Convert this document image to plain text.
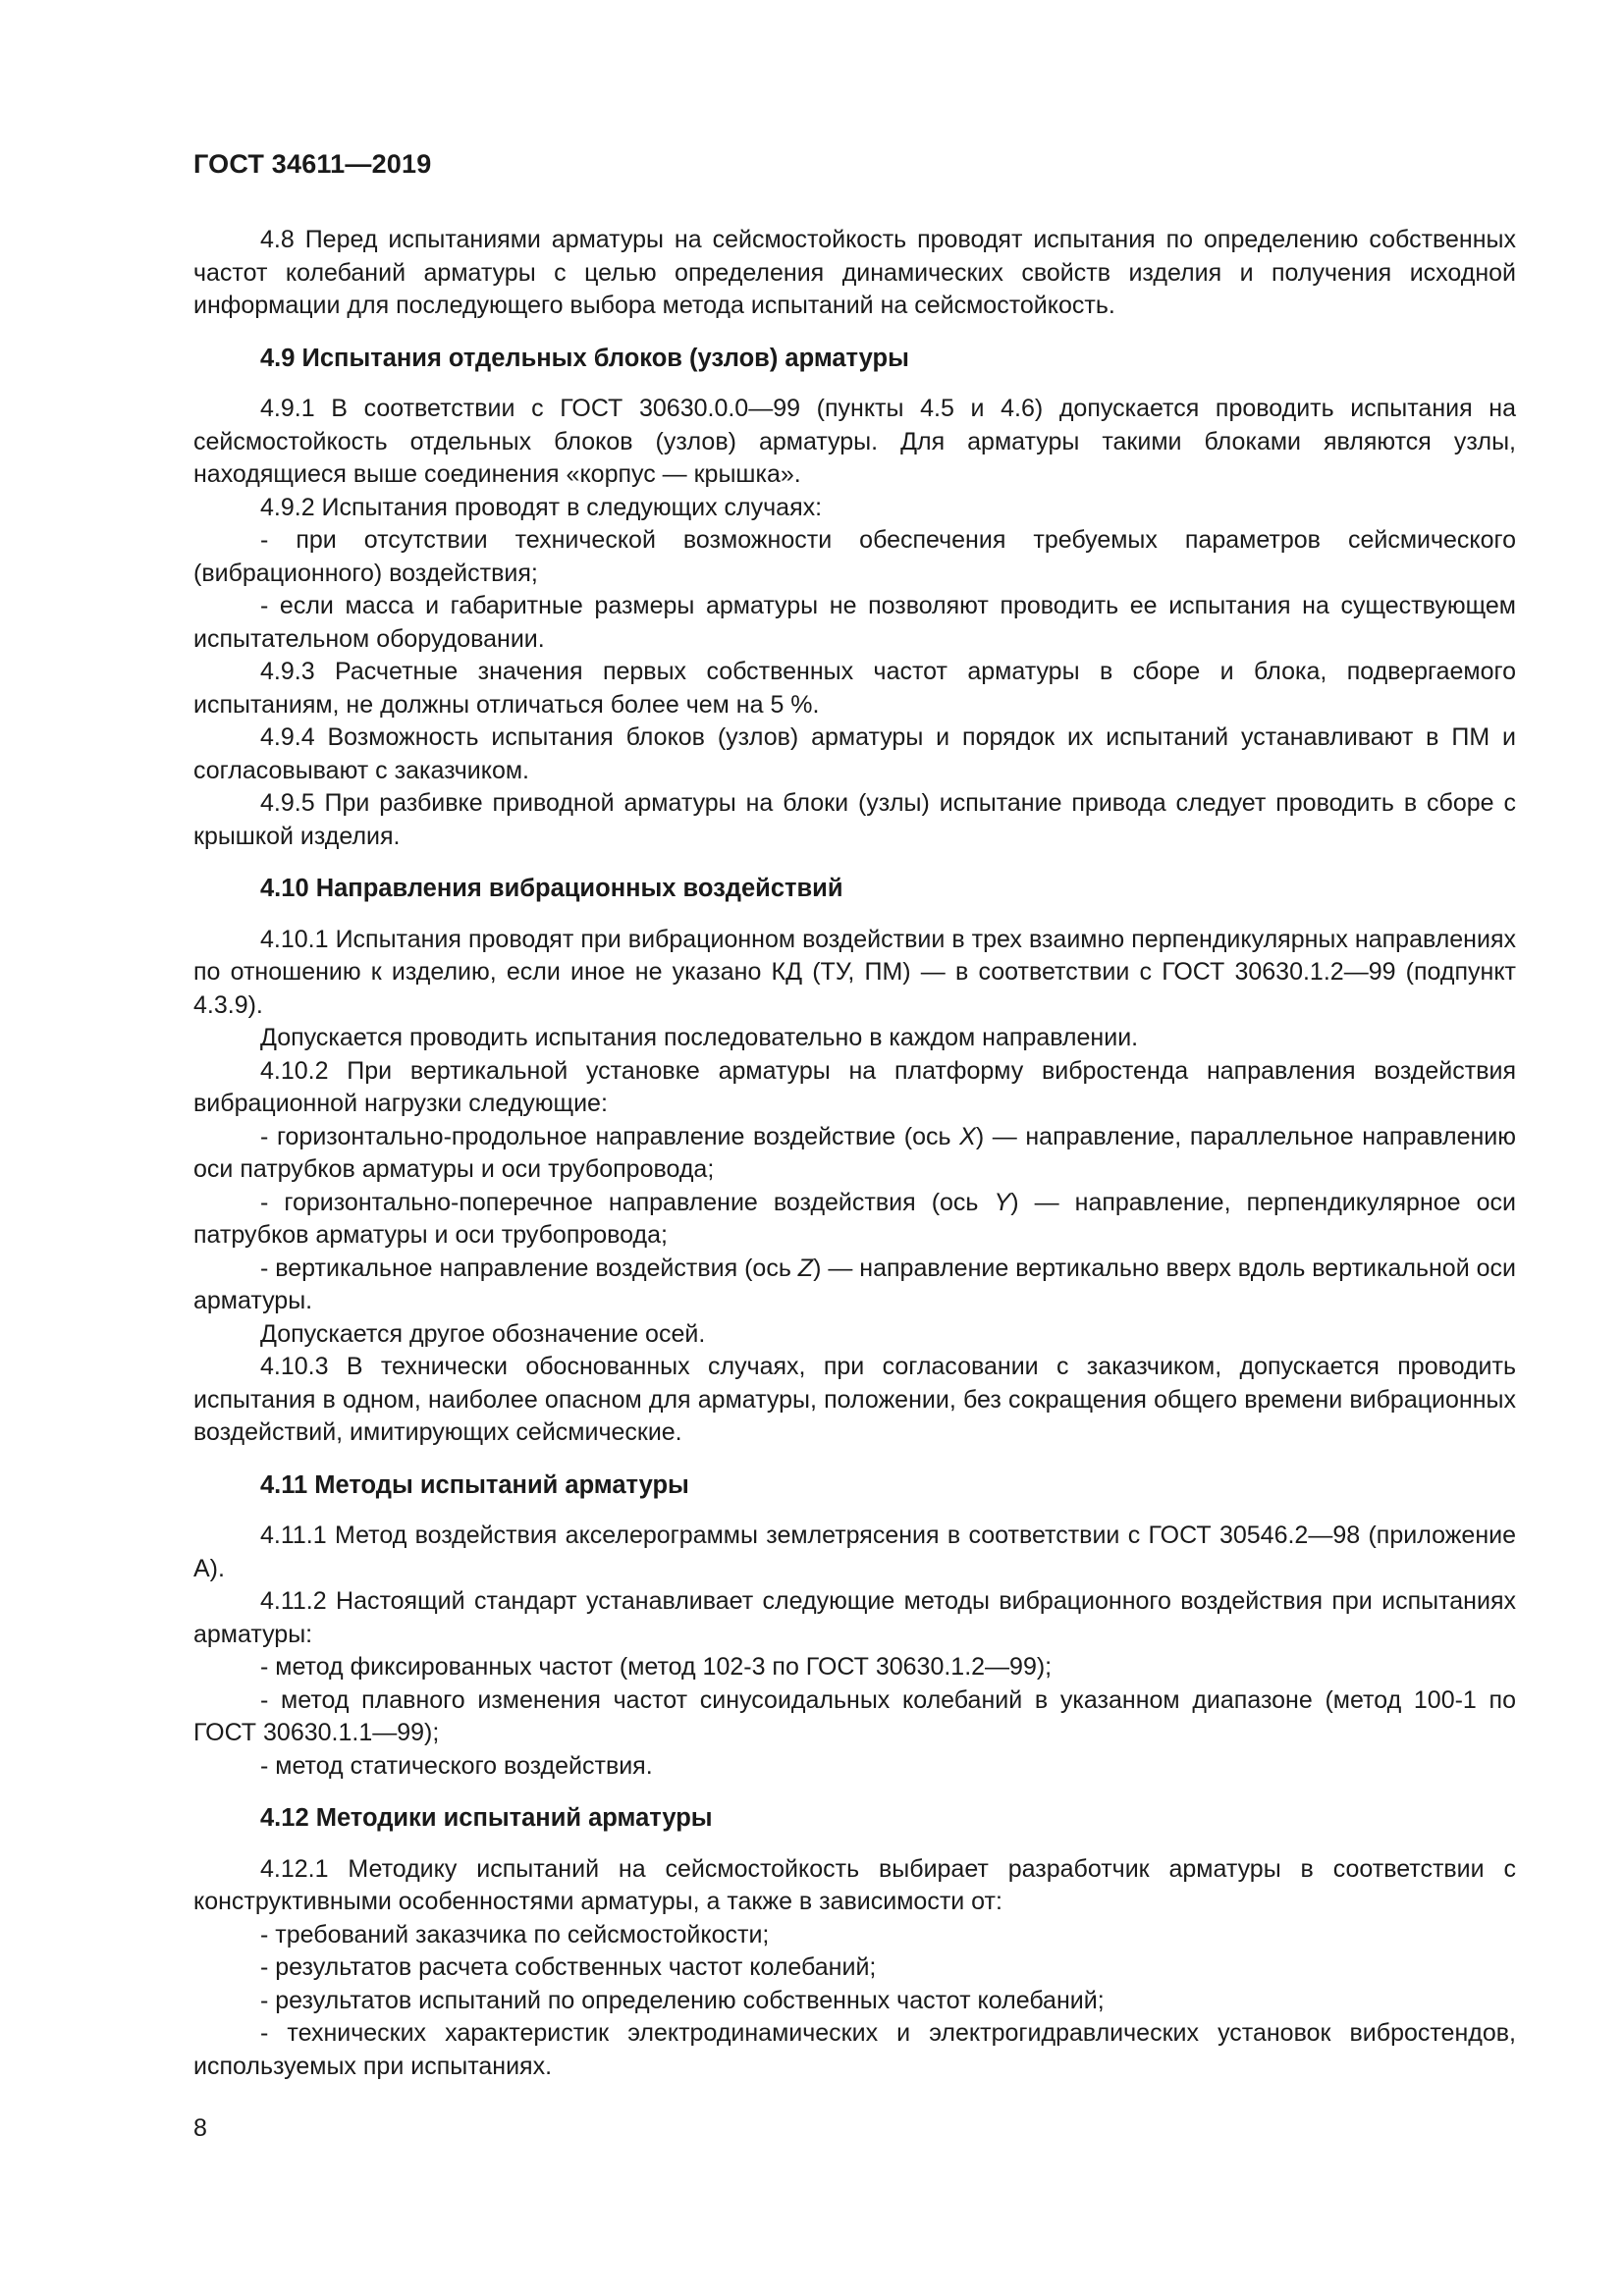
ГОСТ 34611—2019

4.8 Перед испытаниями арматуры на сейсмостойкость проводят испытания по определению собственных частот колебаний арматуры с целью определения динамических свойств изделия и получения исходной информации для последующего выбора метода испытаний на сейсмостойкость.

4.9 Испытания отдельных блоков (узлов) арматуры

4.9.1 В соответствии с ГОСТ 30630.0.0—99 (пункты 4.5 и 4.6) допускается проводить испытания на сейсмостойкость отдельных блоков (узлов) арматуры. Для арматуры такими блоками являются узлы, находящиеся выше соединения «корпус — крышка».

4.9.2 Испытания проводят в следующих случаях:

- при отсутствии технической возможности обеспечения требуемых параметров сейсмического (вибрационного) воздействия;

- если масса и габаритные размеры арматуры не позволяют проводить ее испытания на существующем испытательном оборудовании.

4.9.3 Расчетные значения первых собственных частот арматуры в сборе и блока, подвергаемого испытаниям, не должны отличаться более чем на 5 %.

4.9.4 Возможность испытания блоков (узлов) арматуры и порядок их испытаний устанавливают в ПМ и согласовывают с заказчиком.

4.9.5 При разбивке приводной арматуры на блоки (узлы) испытание привода следует проводить в сборе с крышкой изделия.

4.10 Направления вибрационных воздействий

4.10.1 Испытания проводят при вибрационном воздействии в трех взаимно перпендикулярных направлениях по отношению к изделию, если иное не указано КД (ТУ, ПМ) — в соответствии с ГОСТ 30630.1.2—99 (подпункт 4.3.9).

Допускается проводить испытания последовательно в каждом направлении.

4.10.2 При вертикальной установке арматуры на платформу вибростенда направления воздействия вибрационной нагрузки следующие:

- горизонтально-продольное направление воздействие (ось X) — направление, параллельное направлению оси патрубков арматуры и оси трубопровода;

- горизонтально-поперечное направление воздействия (ось Y) — направление, перпендикулярное оси патрубков арматуры и оси трубопровода;

- вертикальное направление воздействия (ось Z) — направление вертикально вверх вдоль вертикальной оси арматуры.

Допускается другое обозначение осей.

4.10.3 В технически обоснованных случаях, при согласовании с заказчиком, допускается проводить испытания в одном, наиболее опасном для арматуры, положении, без сокращения общего времени вибрационных воздействий, имитирующих сейсмические.

4.11 Методы испытаний арматуры

4.11.1 Метод воздействия акселерограммы землетрясения в соответствии с ГОСТ 30546.2—98 (приложение А).

4.11.2 Настоящий стандарт устанавливает следующие методы вибрационного воздействия при испытаниях арматуры:

- метод фиксированных частот (метод 102-3 по ГОСТ 30630.1.2—99);

- метод плавного изменения частот синусоидальных колебаний в указанном диапазоне (метод 100-1 по ГОСТ 30630.1.1—99);

- метод статического воздействия.

4.12 Методики испытаний арматуры

4.12.1 Методику испытаний на сейсмостойкость выбирает разработчик арматуры в соответствии с конструктивными особенностями арматуры, а также в зависимости от:

- требований заказчика по сейсмостойкости;

- результатов расчета собственных частот колебаний;

- результатов испытаний по определению собственных частот колебаний;

- технических характеристик электродинамических и электрогидравлических установок вибростендов, используемых при испытаниях.

8
